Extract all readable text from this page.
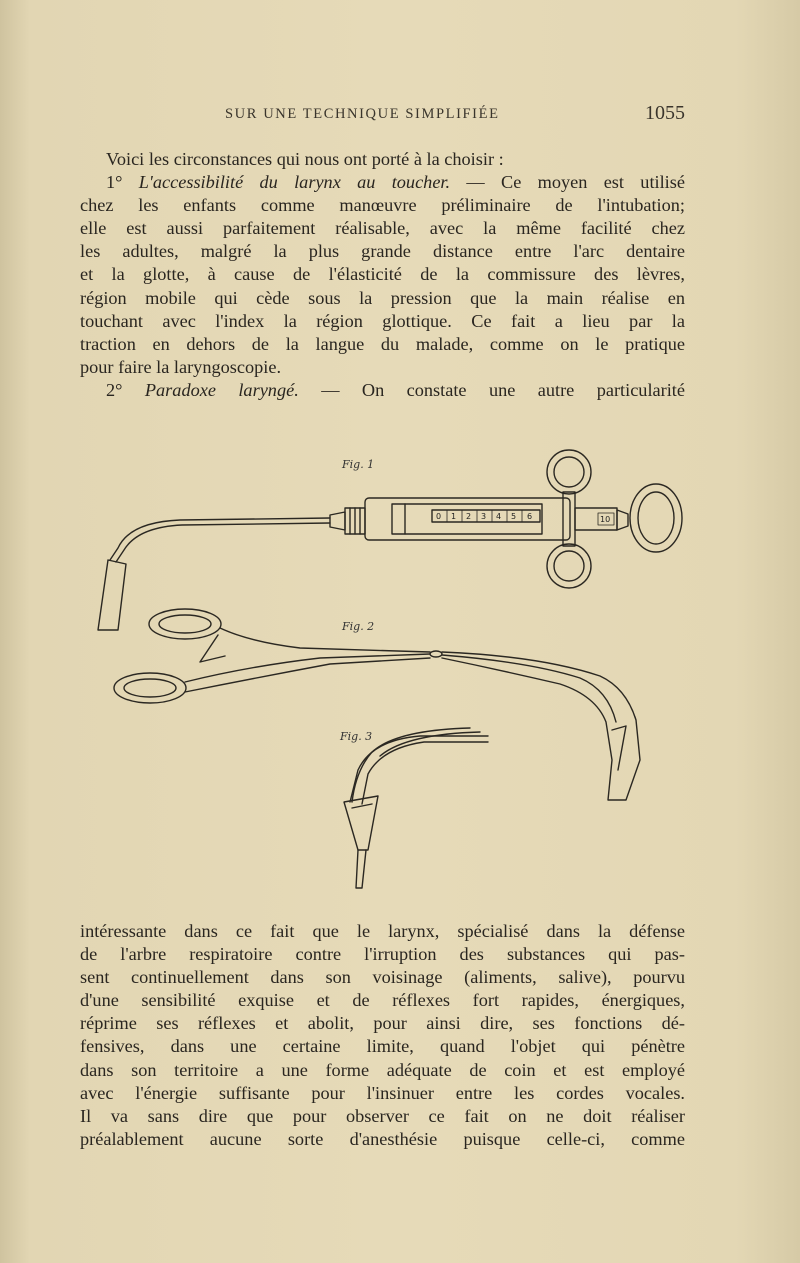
SUR UNE TECHNIQUE SIMPLIFIÉE	1055
Voici les circonstances qui nous ont porté à la choisir :
1° L'accessibilité du larynx au toucher. — Ce moyen est utilisé
chez les enfants comme manœuvre préliminaire de l'intubation;
elle est aussi parfaitement réalisable, avec la même facilité chez
les adultes, malgré la plus grande distance entre l'arc dentaire
et la glotte, à cause de l'élasticité de la commissure des lèvres,
région mobile qui cède sous la pression que la main réalise en
touchant avec l'index la région glottique. Ce fait a lieu par la
traction en dehors de la langue du malade, comme on le pratique
pour faire la laryngoscopie.
2° Paradoxe laryngé. — On constate une autre particularité
Fig. 1
0 1 2 3 4 5 6	10
Fig. 2
Fig. 3
intéressante dans ce fait que le larynx, spécialisé dans la défense
de l'arbre respiratoire contre l'irruption des substances qui pas-
sent continuellement dans son voisinage (aliments, salive), pourvu
d'une sensibilité exquise et de réflexes fort rapides, énergiques,
réprime ses réflexes et abolit, pour ainsi dire, ses fonctions dé-
fensives, dans une certaine limite, quand l'objet qui pénètre
dans son territoire a une forme adéquate de coin et est employé
avec l'énergie suffisante pour l'insinuer entre les cordes vocales.
Il va sans dire que pour observer ce fait on ne doit réaliser
préalablement aucune sorte d'anesthésie puisque celle-ci, comme
